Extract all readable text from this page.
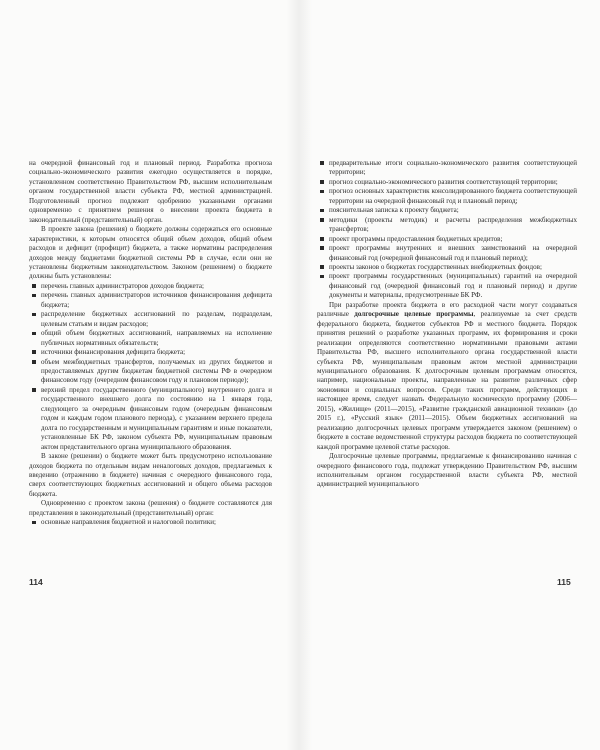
на очередной финансовый год и плановый период. Разработка прогноза социально-экономического развития ежегодно осуществляется в порядке, установленном соответственно Правительством РФ, высшим исполнительным органом государственной власти субъекта РФ, местной администрацией. Подготовленный прогноз подлежит одобрению указанными органами одновременно с принятием решения о внесении проекта бюджета в законодательный (представительный) орган.

В проекте закона (решения) о бюджете должны содержаться его основные характеристики, к которым относятся общий объем доходов, общий объем расходов и дефицит (профицит) бюджета, а также нормативы распределения доходов между бюджетами бюджетной системы РФ в случае, если они не установлены бюджетным законодательством. Законом (решением) о бюджете должны быть установлены:

перечень главных администраторов доходов бюджета;
перечень главных администраторов источников финансирования дефицита бюджета;
распределение бюджетных ассигнований по разделам, подразделам, целевым статьям и видам расходов;
общий объем бюджетных ассигнований, направляемых на исполнение публичных нормативных обязательств;
источники финансирования дефицита бюджета;
объем межбюджетных трансфертов, получаемых из других бюджетов и предоставляемых другим бюджетам бюджетной системы РФ в очередном финансовом году (очередном финансовом году и плановом периоде);
верхний предел государственного (муниципального) внутреннего долга и государственного внешнего долга по состоянию на 1 января года, следующего за очередным финансовым годом (очередным финансовым годом и каждым годом планового периода), с указанием верхнего предела долга по государственным и муниципальным гарантиям и иные показатели, установленные БК РФ, законом субъекта РФ, муниципальным правовым актом представительного органа муниципального образования.

В законе (решении) о бюджете может быть предусмотрено использование доходов бюджета по отдельным видам неналоговых доходов, предлагаемых к введению (отражению в бюджете) начиная с очередного финансового года, сверх соответствующих бюджетных ассигнований и общего объема расходов бюджета.

Одновременно с проектом закона (решения) о бюджете составляются для представления в законодательный (представительный) орган:

основные направления бюджетной и налоговой политики;
предварительные итоги социально-экономического развития соответствующей территории;
прогноз социально-экономического развития соответствующей территории;
прогноз основных характеристик консолидированного бюджета соответствующей территории на очередной финансовый год и плановый период;
пояснительная записка к проекту бюджета;
методики (проекты методик) и расчеты распределения межбюджетных трансфертов;
проект программы предоставления бюджетных кредитов;
проект программы внутренних и внешних заимствований на очередной финансовый год (очередной финансовый год и плановый период);
проекты законов о бюджетах государственных внебюджетных фондов;
проект программы государственных (муниципальных) гарантий на очередной финансовый год (очередной финансовый год и плановый период) и другие документы и материалы, предусмотренные БК РФ.

При разработке проекта бюджета в его расходной части могут создаваться различные долгосрочные целевые программы, реализуемые за счет средств федерального бюджета, бюджетов субъектов РФ и местного бюджета. Порядок принятия решений о разработке указанных программ, их формирования и сроки реализации определяются соответственно нормативными правовыми актами Правительства РФ, высшего исполнительного органа государственной власти субъекта РФ, муниципальным правовым актом местной администрации муниципального образования. К долгосрочным целевым программам относятся, например, национальные проекты, направленные на развитие различных сфер экономики и социальных вопросов. Среди таких программ, действующих в настоящее время, следует назвать Федеральную космическую программу (2006—2015), «Жилище» (2011—2015), «Развитие гражданской авиационной техники» (до 2015 г.), «Русский язык» (2011—2015). Объем бюджетных ассигнований на реализацию долгосрочных целевых программ утверждается законом (решением) о бюджете в составе ведомственной структуры расходов бюджета по соответствующей каждой программе целевой статье расходов.

Долгосрочные целевые программы, предлагаемые к финансированию начиная с очередного финансового года, подлежат утверждению Правительством РФ, высшим исполнительным органом государственной власти субъекта РФ, местной администрацией муниципального

114	115
